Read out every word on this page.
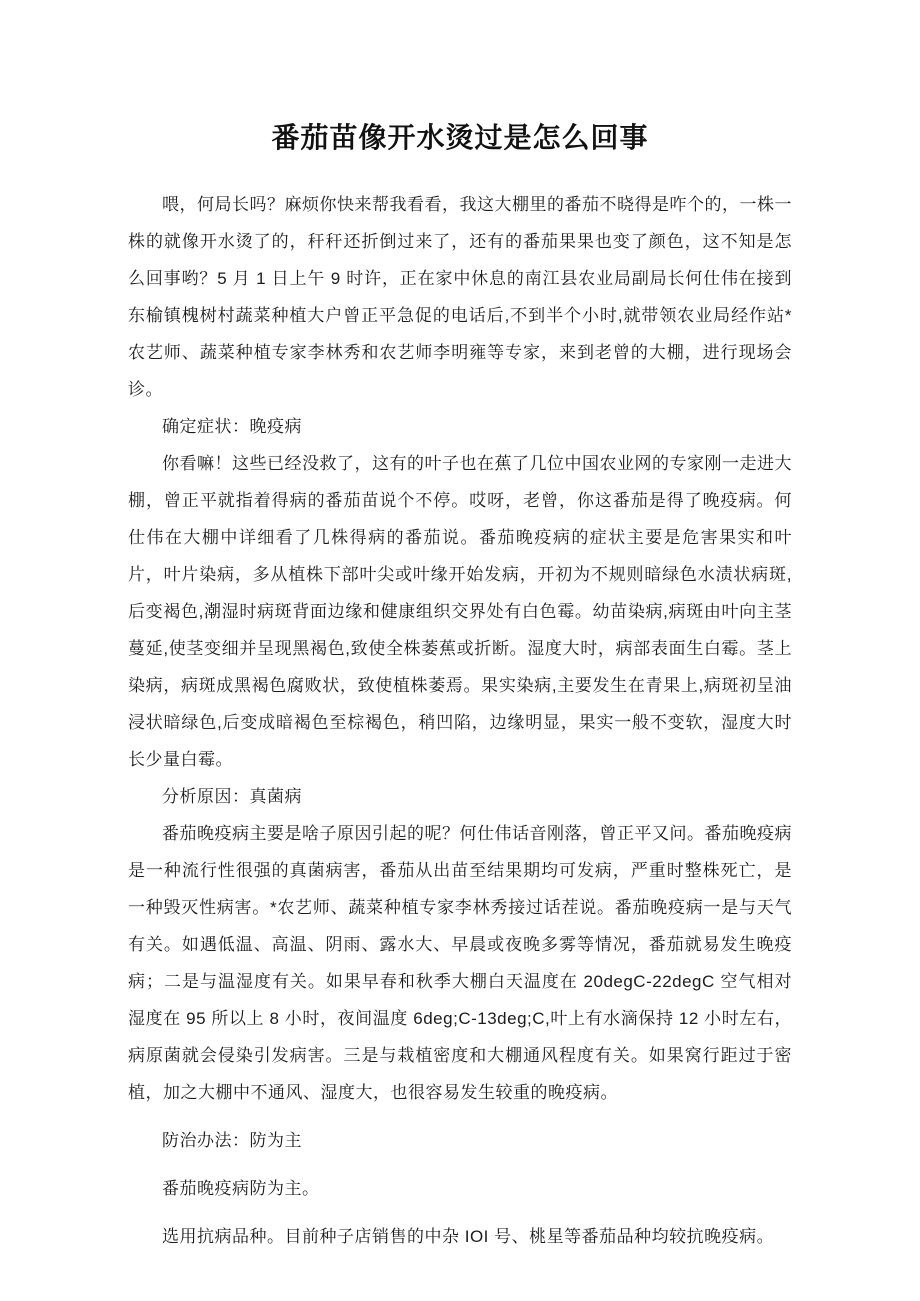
番茄苗像开水烫过是怎么回事

喂，何局长吗？麻烦你快来帮我看看，我这大棚里的番茄不晓得是咋个的，一株一株的就像开水烫了的，秆秆还折倒过来了，还有的番茄果果也变了颜色，这不知是怎么回事哟？5 月 1 日上午 9 时许，正在家中休息的南江县农业局副局长何仕伟在接到东榆镇槐树村蔬菜种植大户曾正平急促的电话后,不到半个小时,就带领农业局经作站*农艺师、蔬菜种植专家李林秀和农艺师李明雍等专家，来到老曾的大棚，进行现场会诊。

确定症状：晚疫病

你看嘛！这些已经没救了，这有的叶子也在蕉了几位中国农业网的专家刚一走进大棚，曾正平就指着得病的番茄苗说个不停。哎呀，老曾，你这番茄是得了晚疫病。何仕伟在大棚中详细看了几株得病的番茄说。番茄晚疫病的症状主要是危害果实和叶片，叶片染病，多从植株下部叶尖或叶缘开始发病，开初为不规则暗绿色水渍状病斑,后变褐色,潮湿时病斑背面边缘和健康组织交界处有白色霉。幼苗染病,病斑由叶向主茎蔓延,使茎变细并呈现黑褐色,致使全株萎蕉或折断。湿度大时，病部表面生白霉。茎上染病，病斑成黑褐色腐败状，致使植株萎焉。果实染病,主要发生在青果上,病斑初呈油浸状暗绿色,后变成暗褐色至棕褐色，稍凹陷，边缘明显，果实一般不变软，湿度大时长少量白霉。

分析原因：真菌病

番茄晚疫病主要是啥子原因引起的呢？何仕伟话音刚落，曾正平又问。番茄晚疫病是一种流行性很强的真菌病害，番茄从出苗至结果期均可发病，严重时整株死亡，是一种毁灭性病害。*农艺师、蔬菜种植专家李林秀接过话茬说。番茄晚疫病一是与天气有关。如遇低温、高温、阴雨、露水大、早晨或夜晚多雾等情况，番茄就易发生晚疫病；二是与温湿度有关。如果早春和秋季大棚白天温度在 20degC-22degC 空气相对湿度在 95 所以上 8 小时，夜间温度 6deg;C-13deg;C,叶上有水滴保持 12 小时左右，病原菌就会侵染引发病害。三是与栽植密度和大棚通风程度有关。如果窝行距过于密植，加之大棚中不通风、湿度大，也很容易发生较重的晚疫病。

防治办法：防为主

番茄晚疫病防为主。

选用抗病品种。目前种子店销售的中杂 IOI 号、桃星等番茄品种均较抗晚疫病。
